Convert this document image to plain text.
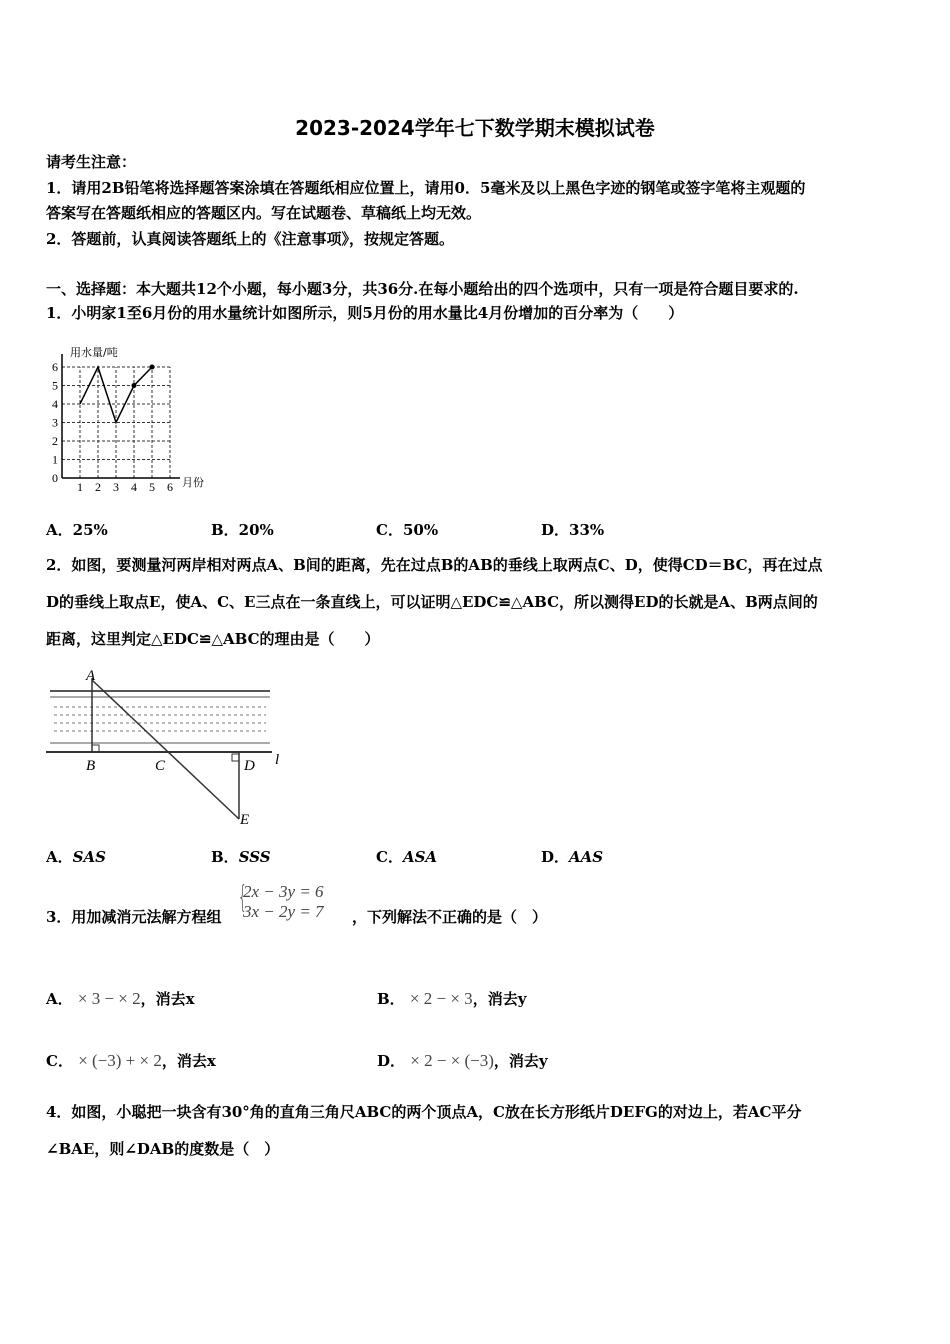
2023-2024学年七下数学期末模拟试卷
请考生注意：
1．请用2B铅笔将选择题答案涂填在答题纸相应位置上，请用0．5毫米及以上黑色字迹的钢笔或签字笔将主观题的
答案写在答题纸相应的答题区内。写在试题卷、草稿纸上均无效。
2．答题前，认真阅读答题纸上的《注意事项》，按规定答题。
一、选择题：本大题共12个小题，每小题3分，共36分.在每小题给出的四个选项中，只有一项是符合题目要求的.
1．小明家1至6月份的用水量统计如图所示，则5月份的用水量比4月份增加的百分率为（　　）
用水量/吨
月份
0
1
2
3
4
5
6
1 2 3 4 5 6
A．25%	B．20%	C．50%	D．33%
2．如图，要测量河两岸相对两点A、B间的距离，先在过点B的AB的垂线上取两点C、D，使得CD＝BC，再在过点
D的垂线上取点E，使A、C、E三点在一条直线上，可以证明△EDC≌△ABC，所以测得ED的长就是A、B两点间的
距离，这里判定△EDC≌△ABC的理由是（　　）
A
B	C	D
E
l
A．SAS	B．SSS	C．ASA	D．AAS
3．用加减消元法解方程组
{
2x − 3y = 6
3x − 2y = 7 ，下列解法不正确的是（　）
A． × 3 − × 2，消去x	B． × 2 − × 3，消去y
C． × (−3) + × 2，消去x	D． × 2 − × (−3)，消去y
4．如图，小聪把一块含有30°角的直角三角尺ABC的两个顶点A，C放在长方形纸片DEFG的对边上，若AC平分
∠BAE，则∠DAB的度数是（　）
